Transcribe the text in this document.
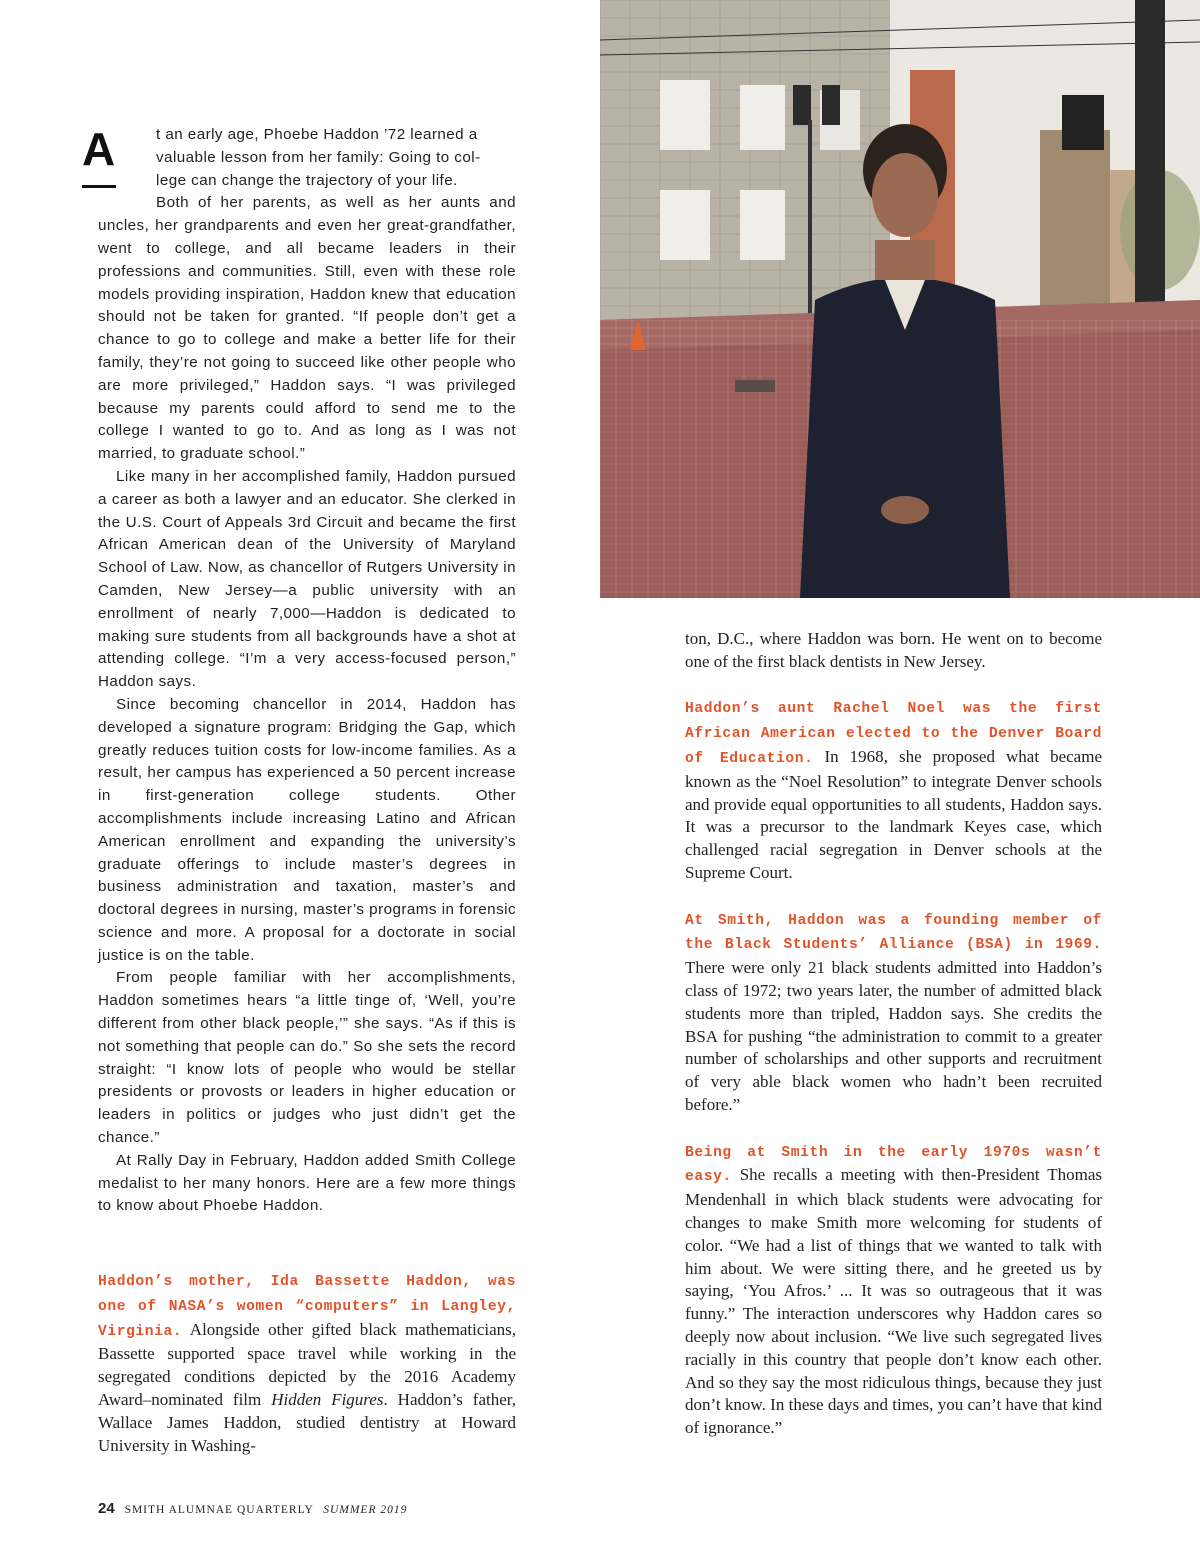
A	t an early age, Phoebe Haddon ’72 learned a
valuable lesson from her family: Going to col-
lege can change the trajectory of your life.
Both of her parents, as well as her aunts and uncles, her grandparents and even her great-grandfather, went to college, and all became leaders in their professions and communities. Still, even with these role models providing inspiration, Haddon knew that education should not be taken for granted. “If people don’t get a chance to go to college and make a better life for their family, they’re not going to succeed like other people who are more privileged,” Haddon says. “I was privileged because my parents could afford to send me to the college I wanted to go to. And as long as I was not married, to graduate school.”

Like many in her accomplished family, Haddon pursued a career as both a lawyer and an educator. She clerked in the U.S. Court of Appeals 3rd Circuit and became the first African American dean of the University of Maryland School of Law. Now, as chancellor of Rutgers University in Camden, New Jersey—a public university with an enrollment of nearly 7,000—Haddon is dedicated to making sure students from all backgrounds have a shot at attending college. “I’m a very access-focused person,” Haddon says.

Since becoming chancellor in 2014, Haddon has developed a signature program: Bridging the Gap, which greatly reduces tuition costs for low-income families. As a result, her campus has experienced a 50 percent increase in first-generation college students. Other accomplishments include increasing Latino and African American enrollment and expanding the university’s graduate offerings to include master’s degrees in business administration and taxation, master’s and doctoral degrees in nursing, master’s programs in forensic science and more. A proposal for a doctorate in social justice is on the table.

From people familiar with her accomplishments, Haddon sometimes hears “a little tinge of, ‘Well, you’re different from other black people,’” she says. “As if this is not something that people can do.” So she sets the record straight: “I know lots of people who would be stellar presidents or provosts or leaders in higher education or leaders in politics or judges who just didn’t get the chance.”

At Rally Day in February, Haddon added Smith College medalist to her many honors. Here are a few more things to know about Phoebe Haddon.

Haddon’s mother, Ida Bassette Haddon, was one of NASA’s women “computers” in Langley, Virginia. Alongside other gifted black mathematicians, Bassette supported space travel while working in the segregated conditions depicted by the 2016 Academy Award–nominated film Hidden Figures. Haddon’s father, Wallace James Haddon, studied dentistry at Howard University in Washing-

ton, D.C., where Haddon was born. He went on to become one of the first black dentists in New Jersey.

Haddon’s aunt Rachel Noel was the first African American elected to the Denver Board of Education. In 1968, she proposed what became known as the “Noel Resolution” to integrate Denver schools and provide equal opportunities to all students, Haddon says. It was a precursor to the landmark Keyes case, which challenged racial segregation in Denver schools at the Supreme Court.

At Smith, Haddon was a founding member of the Black Students’ Alliance (BSA) in 1969. There were only 21 black students admitted into Haddon’s class of 1972; two years later, the number of admitted black students more than tripled, Haddon says. She credits the BSA for pushing “the administration to commit to a greater number of scholarships and other supports and recruitment of very able black women who hadn’t been recruited before.”

Being at Smith in the early 1970s wasn’t easy. She recalls a meeting with then-President Thomas Mendenhall in which black students were advocating for changes to make Smith more welcoming for students of color. “We had a list of things that we wanted to talk with him about. We were sitting there, and he greeted us by saying, ‘You Afros.’ ... It was so outrageous that it was funny.” The interaction underscores why Haddon cares so deeply now about inclusion. “We live such segregated lives racially in this country that people don’t know each other. And so they say the most ridiculous things, because they just don’t know. In these days and times, you can’t have that kind of ignorance.”

24 SMITH ALUMNAE QUARTERLY SUMMER 2019
